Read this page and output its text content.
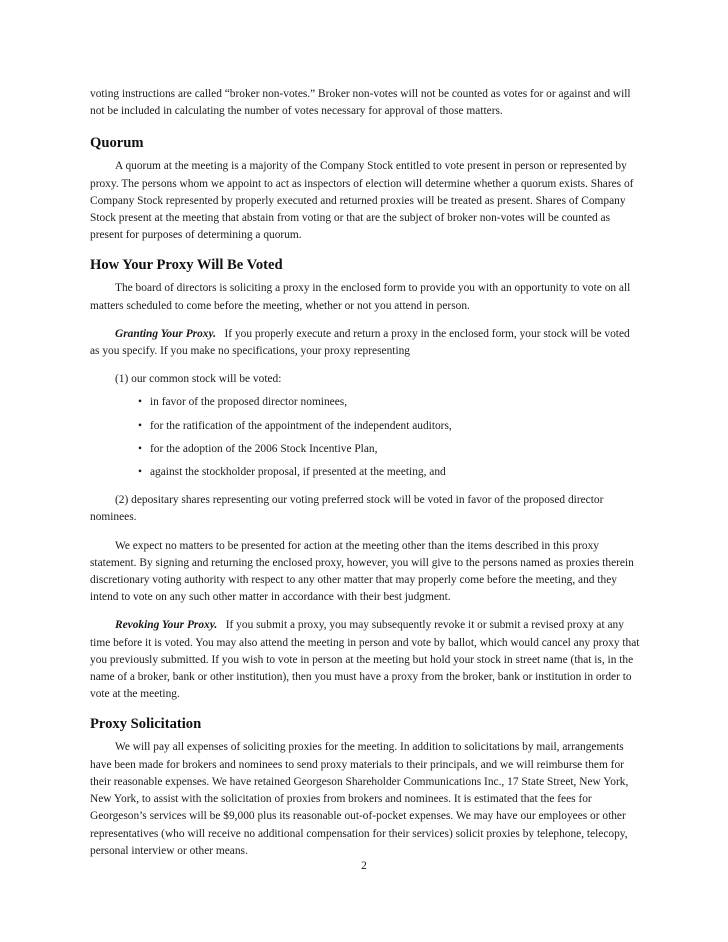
voting instructions are called “broker non-votes.” Broker non-votes will not be counted as votes for or against and will not be included in calculating the number of votes necessary for approval of those matters.

Quorum

A quorum at the meeting is a majority of the Company Stock entitled to vote present in person or represented by proxy. The persons whom we appoint to act as inspectors of election will determine whether a quorum exists. Shares of Company Stock represented by properly executed and returned proxies will be treated as present. Shares of Company Stock present at the meeting that abstain from voting or that are the subject of broker non-votes will be counted as present for purposes of determining a quorum.

How Your Proxy Will Be Voted

The board of directors is soliciting a proxy in the enclosed form to provide you with an opportunity to vote on all matters scheduled to come before the meeting, whether or not you attend in person.

Granting Your Proxy. If you properly execute and return a proxy in the enclosed form, your stock will be voted as you specify. If you make no specifications, your proxy representing

(1) our common stock will be voted:

• in favor of the proposed director nominees,
• for the ratification of the appointment of the independent auditors,
• for the adoption of the 2006 Stock Incentive Plan,
• against the stockholder proposal, if presented at the meeting, and

(2) depositary shares representing our voting preferred stock will be voted in favor of the proposed director nominees.

We expect no matters to be presented for action at the meeting other than the items described in this proxy statement. By signing and returning the enclosed proxy, however, you will give to the persons named as proxies therein discretionary voting authority with respect to any other matter that may properly come before the meeting, and they intend to vote on any such other matter in accordance with their best judgment.

Revoking Your Proxy. If you submit a proxy, you may subsequently revoke it or submit a revised proxy at any time before it is voted. You may also attend the meeting in person and vote by ballot, which would cancel any proxy that you previously submitted. If you wish to vote in person at the meeting but hold your stock in street name (that is, in the name of a broker, bank or other institution), then you must have a proxy from the broker, bank or institution in order to vote at the meeting.

Proxy Solicitation

We will pay all expenses of soliciting proxies for the meeting. In addition to solicitations by mail, arrangements have been made for brokers and nominees to send proxy materials to their principals, and we will reimburse them for their reasonable expenses. We have retained Georgeson Shareholder Communications Inc., 17 State Street, New York, New York, to assist with the solicitation of proxies from brokers and nominees. It is estimated that the fees for Georgeson’s services will be $9,000 plus its reasonable out-of-pocket expenses. We may have our employees or other representatives (who will receive no additional compensation for their services) solicit proxies by telephone, telecopy, personal interview or other means.

2
